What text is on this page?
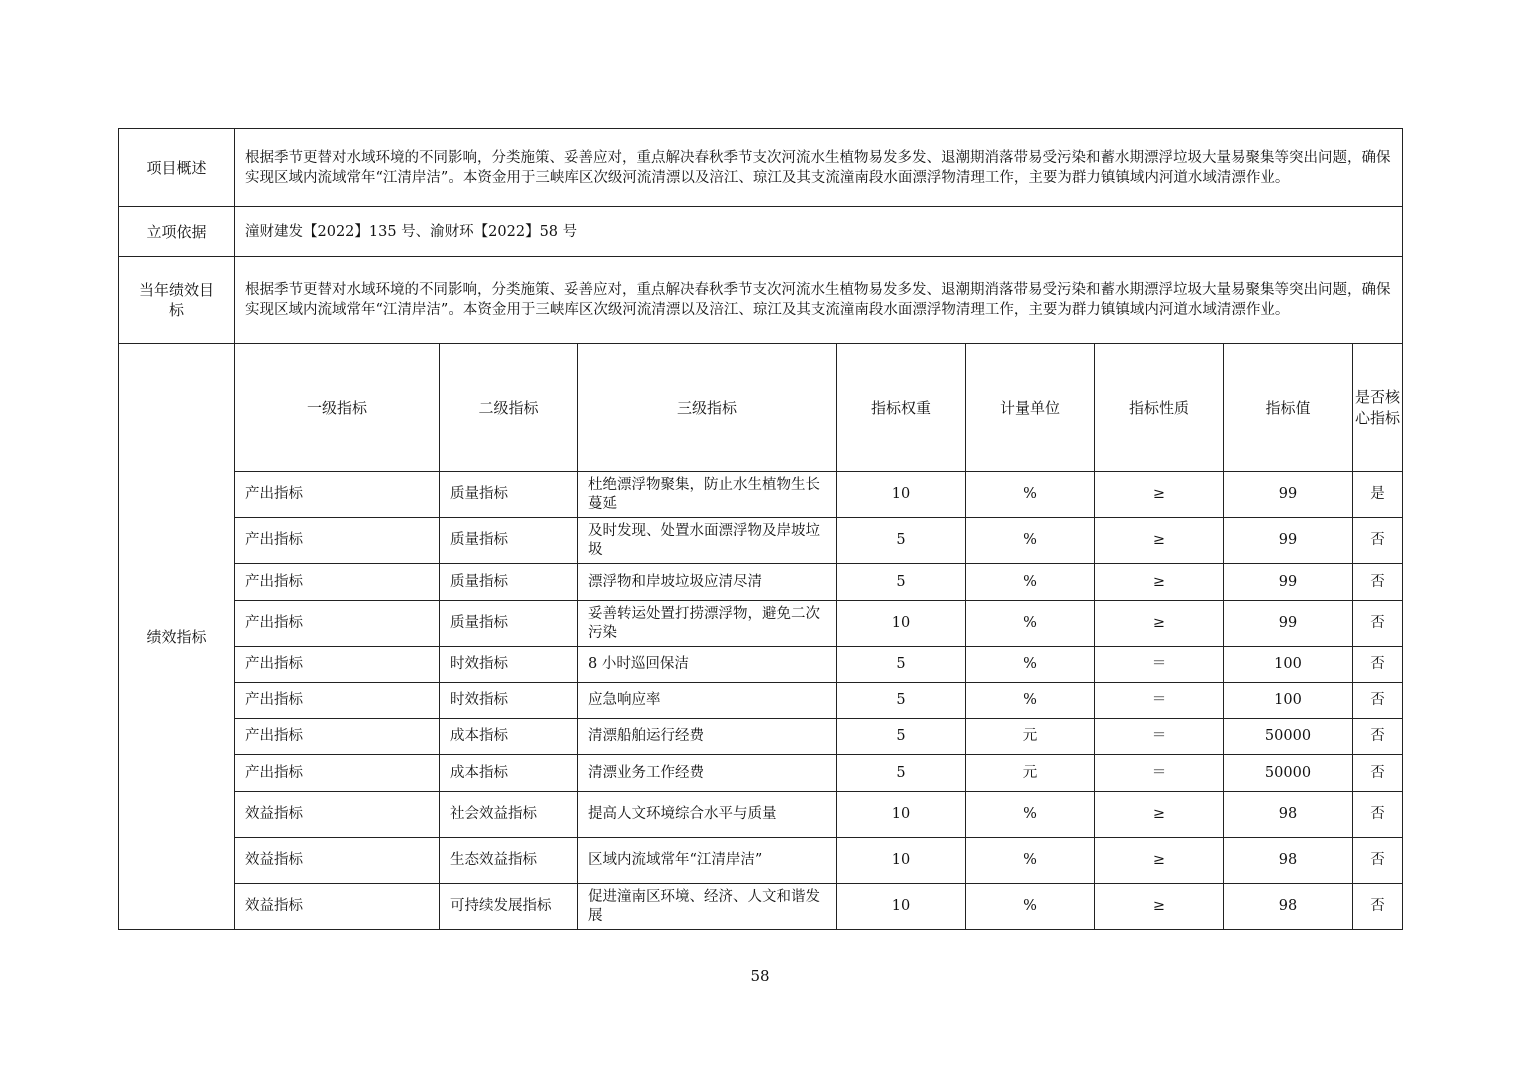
项目概述	根据季节更替对水域环境的不同影响，分类施策、妥善应对，重点解决春秋季节支次河流水生植物易发多发、退潮期消落带易受污染和蓄水期漂浮垃圾大量易聚集等突出问题，确保实现区域内流域常年“江清岸洁”。本资金用于三峡库区次级河流清漂以及涪江、琼江及其支流潼南段水面漂浮物清理工作，主要为群力镇镇域内河道水域清漂作业。							
立项依据	潼财建发【2022】135 号、渝财环【2022】58 号							
当年绩效目标	根据季节更替对水域环境的不同影响，分类施策、妥善应对，重点解决春秋季节支次河流水生植物易发多发、退潮期消落带易受污染和蓄水期漂浮垃圾大量易聚集等突出问题，确保实现区域内流域常年“江清岸洁”。本资金用于三峡库区次级河流清漂以及涪江、琼江及其支流潼南段水面漂浮物清理工作，主要为群力镇镇域内河道水域清漂作业。							
绩效指标	一级指标	二级指标	三级指标	指标权重	计量单位	指标性质	指标值	是否核心指标
	产出指标	质量指标	杜绝漂浮物聚集，防止水生植物生长蔓延	10	%	≥	99	是
	产出指标	质量指标	及时发现、处置水面漂浮物及岸坡垃圾	5	%	≥	99	否
	产出指标	质量指标	漂浮物和岸坡垃圾应清尽清	5	%	≥	99	否
	产出指标	质量指标	妥善转运处置打捞漂浮物，避免二次污染	10	%	≥	99	否
	产出指标	时效指标	8 小时巡回保洁	5	%	＝	100	否
	产出指标	时效指标	应急响应率	5	%	＝	100	否
	产出指标	成本指标	清漂船舶运行经费	5	元	＝	50000	否
	产出指标	成本指标	清漂业务工作经费	5	元	＝	50000	否
	效益指标	社会效益指标	提高人文环境综合水平与质量	10	%	≥	98	否
	效益指标	生态效益指标	区域内流域常年“江清岸洁”	10	%	≥	98	否
	效益指标	可持续发展指标	促进潼南区环境、经济、人文和谐发展	10	%	≥	98	否
58
